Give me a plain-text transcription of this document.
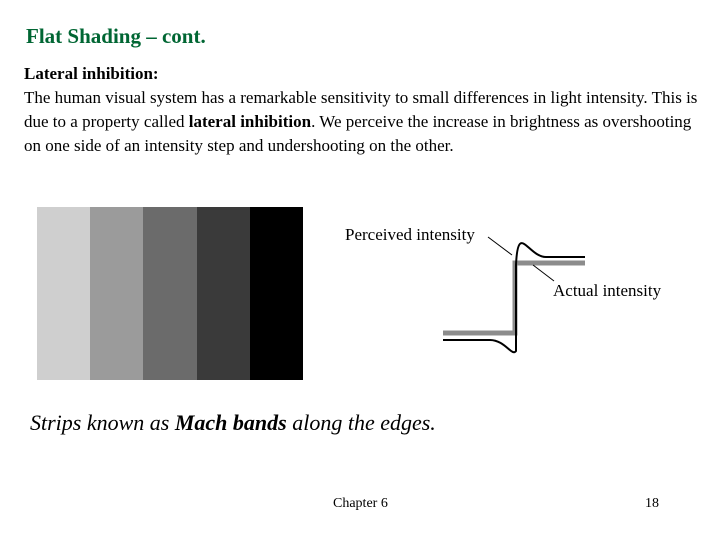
Flat Shading – cont.
Lateral inhibition:
The human visual system has a remarkable sensitivity to small differences in light intensity. This is due to a property called lateral inhibition. We perceive the increase in brightness as overshooting on one side of an intensity step and undershooting on the other.
Perceived intensity
Actual intensity
Strips known as Mach bands along the edges.
Chapter 6	18
